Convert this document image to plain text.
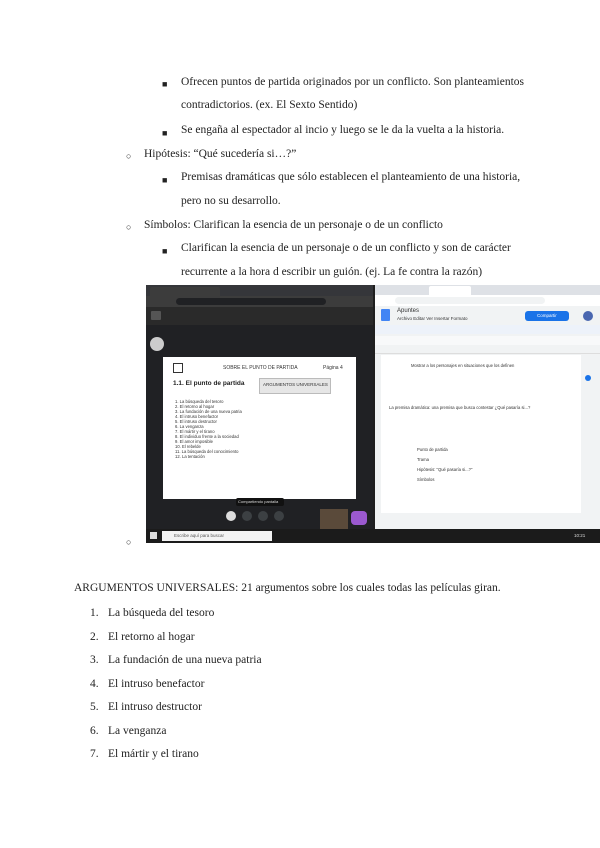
■ Ofrecen puntos de partida originados por un conflicto. Son planteamientos
contradictorios. (ex. El Sexto Sentido)
■ Se engaña al espectador al incio y luego se le da la vuelta a la historia.
○ Hipótesis: “Qué sucedería si…?”
■ Premisas dramáticas que sólo establecen el planteamiento de una historia,
pero no su desarrollo.
○ Símbolos: Clarifican la esencia de un personaje o de un conflicto
■ Clarifican la esencia de un personaje o de un conflicto y son de carácter
recurrente a la hora d escribir un guión. (ej. La fe contra la razón)
○
SOBRE EL PUNTO DE PARTIDA	Página 4
1.1. El punto de partida	ARGUMENTOS UNIVERSALES
1. La búsqueda del tesoro
2. El retorno al hogar
3. La fundación de una nueva patria
4. El intruso benefactor
5. El intruso destructor
6. La venganza
7. El mártir y el tirano
8. El individuo frente a la sociedad
9. El amor imposible
10. El rebelde
11. La búsqueda del conocimiento
12. La tentación
Compartiendo pantalla
Apuntes
Archivo Editar Ver Insertar Formato
Compartir
Mostrar a los personajes en situaciones que los definen
La premisa dramática: una premisa que busca contestar ¿Qué pasaría si...?
Punto de partida
Trama
Hipótesis: “Qué pasaría si...?”
Símbolos
Escribe aquí para buscar	10:21
ARGUMENTOS UNIVERSALES: 21 argumentos sobre los cuales todas las películas giran.
1. La búsqueda del tesoro
2. El retorno al hogar
3. La fundación de una nueva patria
4. El intruso benefactor
5. El intruso destructor
6. La venganza
7. El mártir y el tirano
